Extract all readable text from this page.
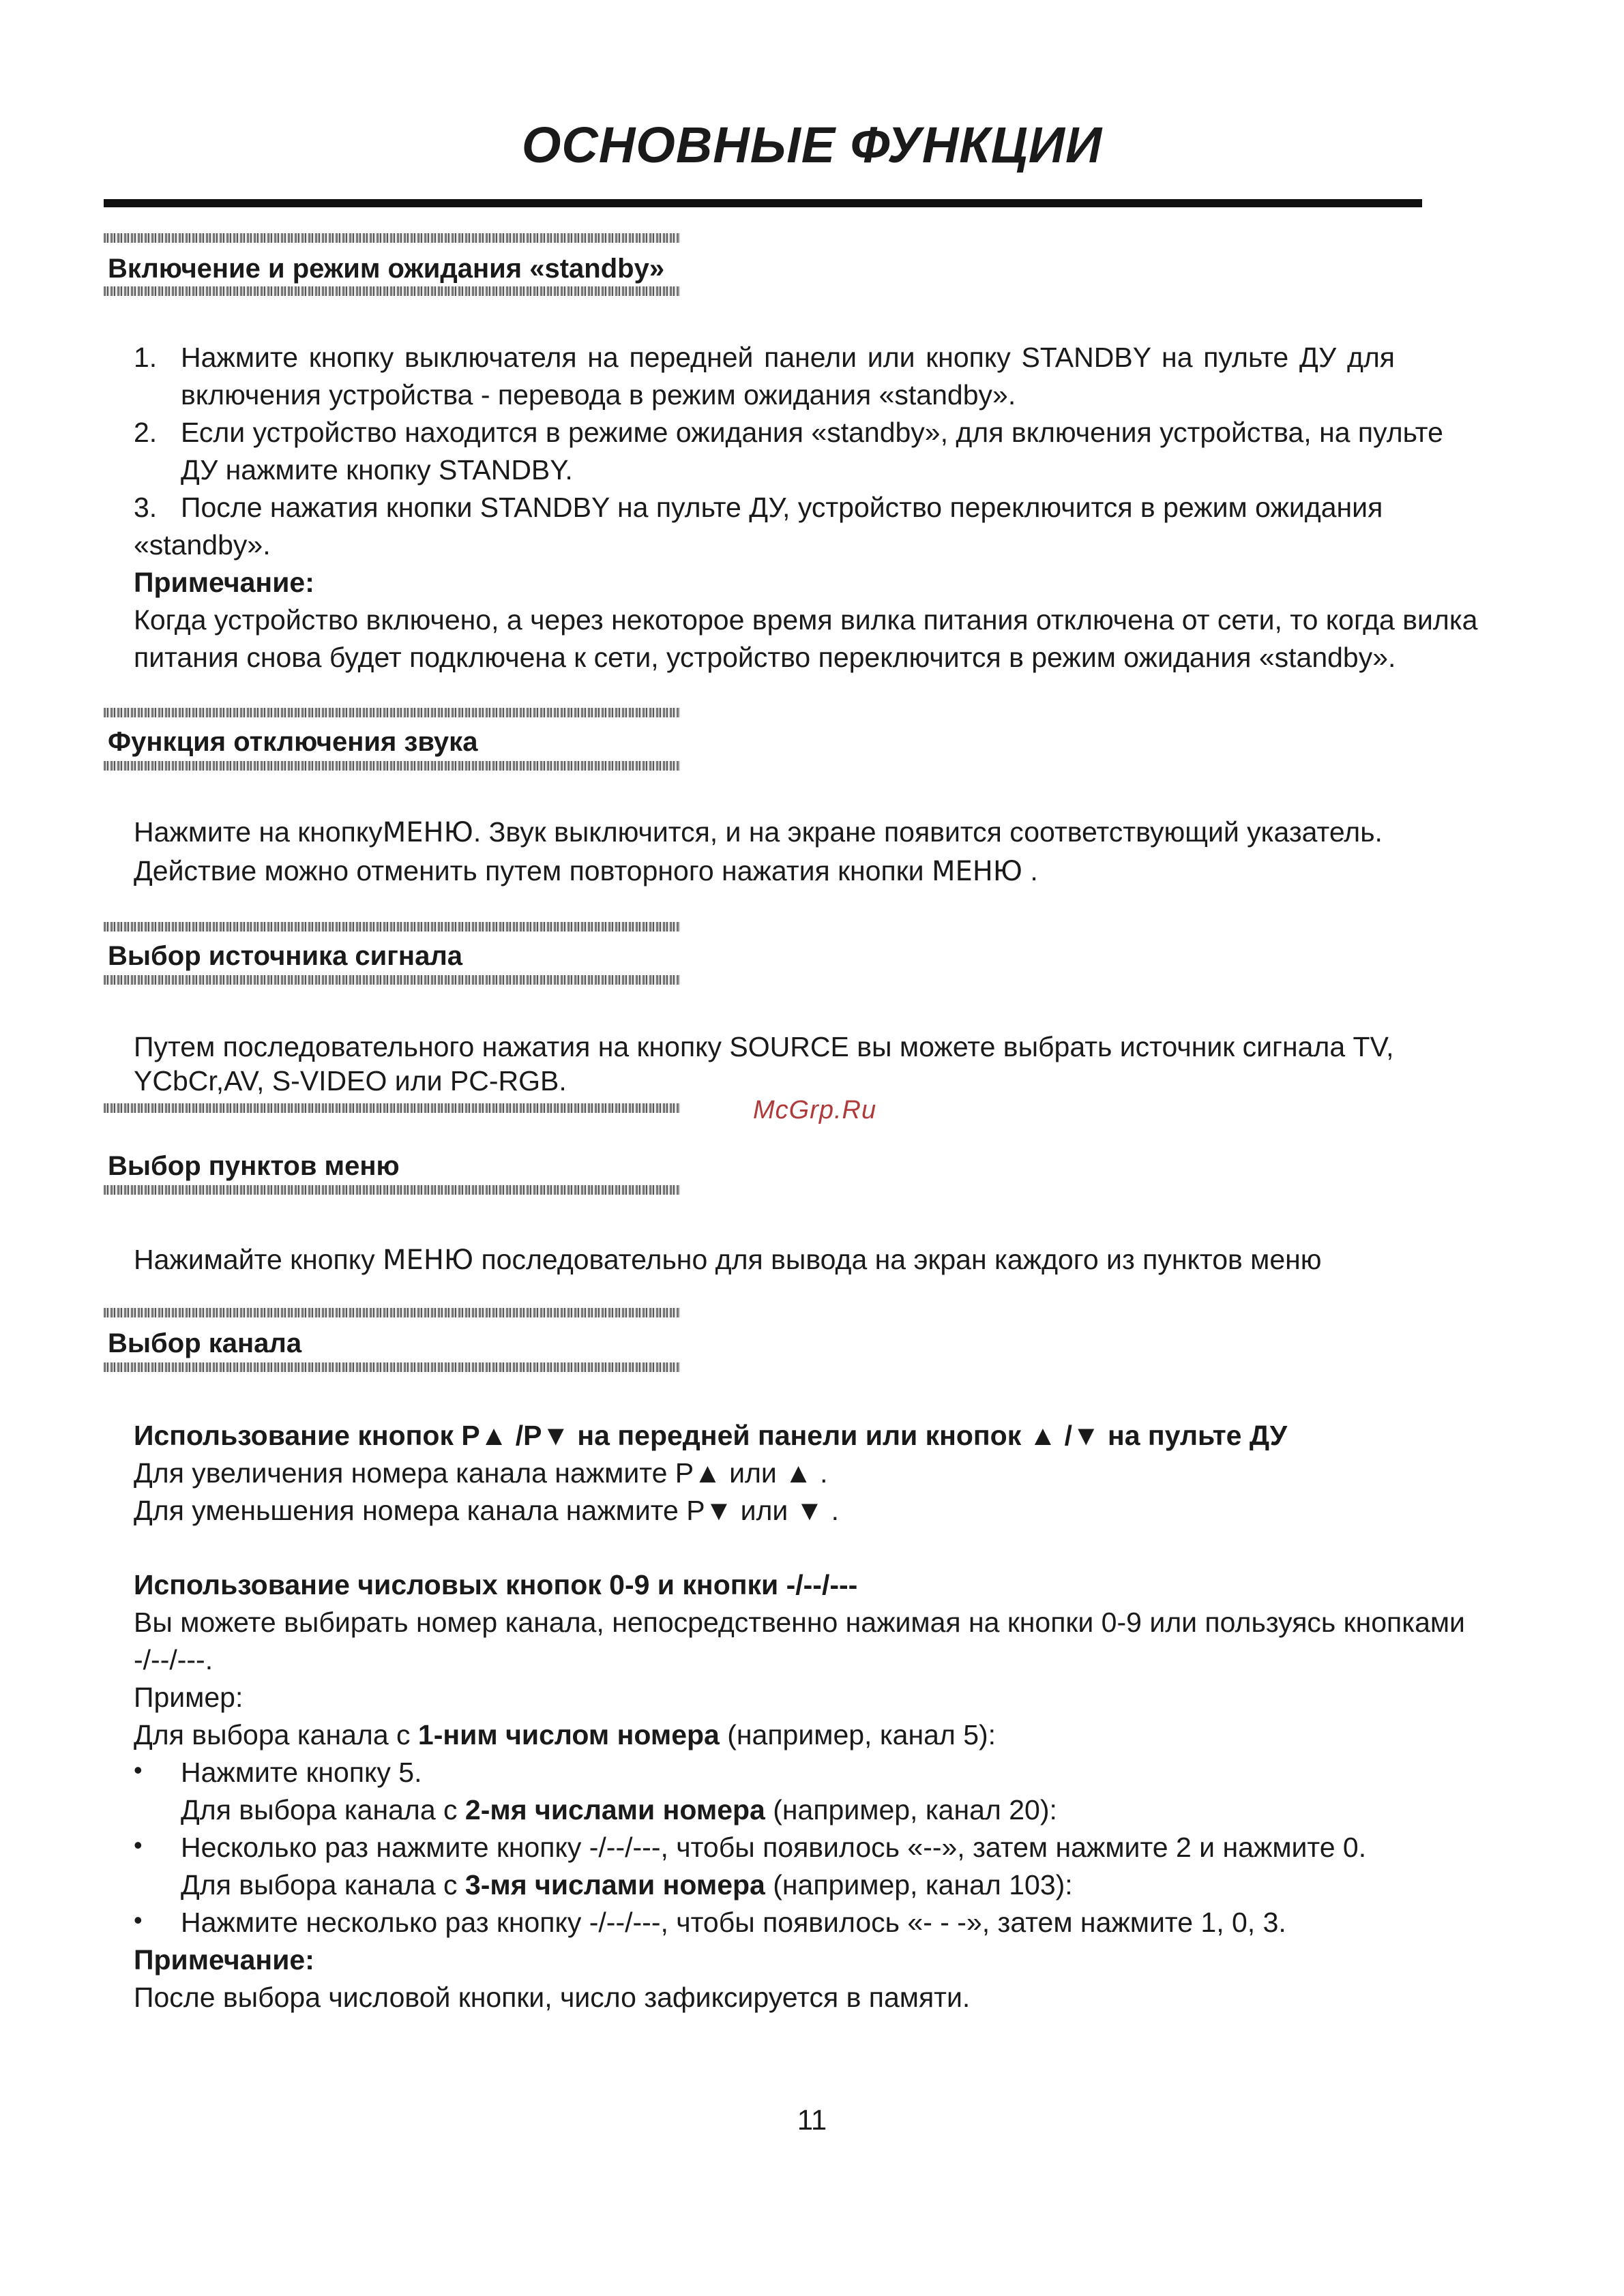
ОСНОВНЫЕ ФУНКЦИИ
Включение и режим ожидания «standby»
1. Нажмите кнопку выключателя на передней панели или кнопку STANDBY на пульте ДУ для
включения устройства - перевода в режим ожидания «standby».
2. Если устройство находится в режиме ожидания «standby», для включения устройства, на пульте
ДУ нажмите кнопку STANDBY.
3. После нажатия кнопки STANDBY на пульте ДУ, устройство переключится в режим ожидания
«standby».
Примечание:
Когда устройство включено, а через некоторое время вилка питания отключена от сети, то когда вилка
питания снова будет подключена к сети, устройство переключится в режим ожидания «standby».
Функция отключения звука
Нажмите на кнопкуМЕНЮ. Звук выключится, и на экране появится соответствующий указатель.
Действие можно отменить путем повторного нажатия кнопки МЕНЮ .
Выбор источника сигнала
Путем последовательного нажатия на кнопку SOURCE вы можете выбрать источник сигнала TV,
YCbCr,AV, S-VIDEO или PC-RGB.
Выбор пунктов меню
McGrp.Ru
Нажимайте кнопку МЕНЮ последовательно для вывода на экран каждого из пунктов меню
Выбор канала
Использование кнопок P▲ /P▼ на передней панели или кнопок ▲ /▼ на пульте ДУ
Для увеличения номера канала нажмите P▲ или ▲ .
Для уменьшения номера канала нажмите P▼ или ▼ .
Использование числовых кнопок 0-9 и кнопки -/--/---
Вы можете выбирать номер канала, непосредственно нажимая на кнопки 0-9 или пользуясь кнопками
-/--/---.
Пример:
Для выбора канала с 1-ним числом номера (например, канал 5):
• Нажмите кнопку 5.
Для выбора канала с 2-мя числами номера (например, канал 20):
• Несколько раз нажмите кнопку -/--/---, чтобы появилось «--», затем нажмите 2 и нажмите 0.
Для выбора канала с 3-мя числами номера (например, канал 103):
• Нажмите несколько раз кнопку -/--/---, чтобы появилось «- - -», затем нажмите 1, 0, 3.
Примечание:
После выбора числовой кнопки, число зафиксируется в памяти.
11
